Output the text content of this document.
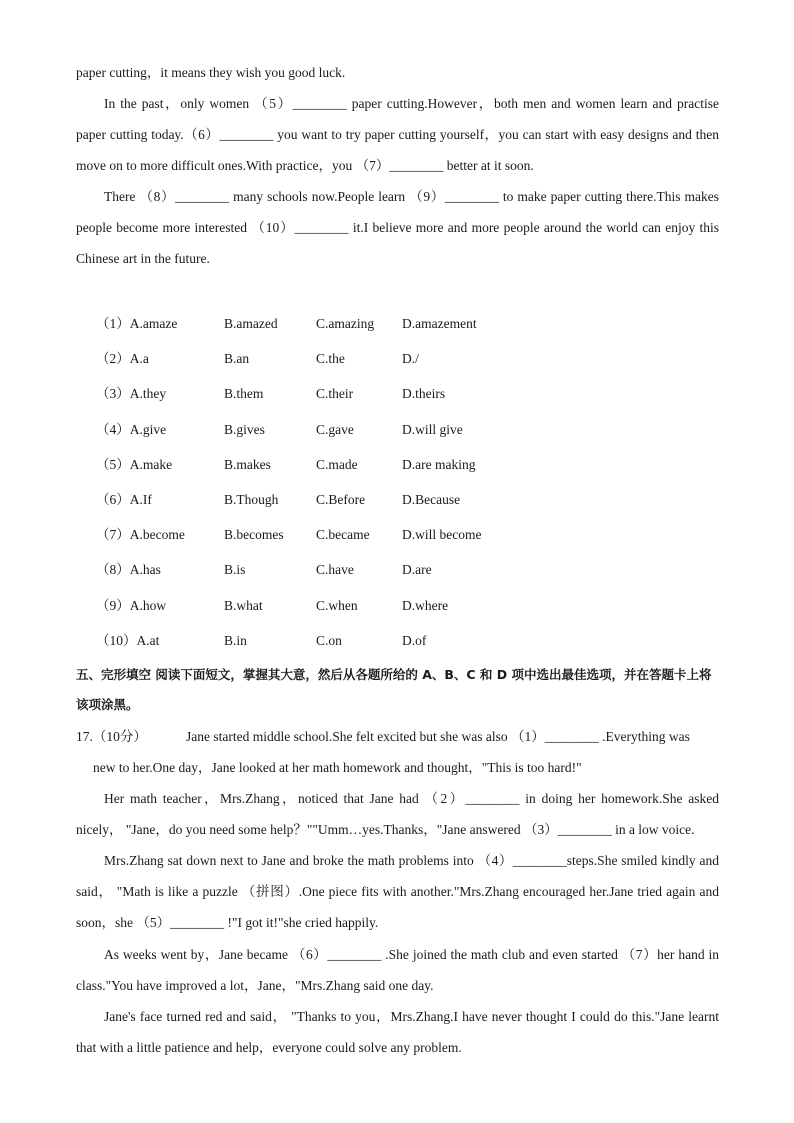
paper cutting，it means they wish you good luck.
In the past，only women （5）________ paper cutting.However，both men and women learn and practise paper cutting today.（6）________ you want to try paper cutting yourself，you can start with easy designs and then move on to more difficult ones.With practice，you （7）________ better at it soon.
There （8）________ many schools now.People learn （9）________ to make paper cutting there.This makes people become more interested （10）________ it.I believe more and more people around the world can enjoy this Chinese art in the future.
（1）A.amaze	B.amazed	C.amazing D.amazement
（2）A.a	B.an	C.the	D./
（3）A.they	B.them	C.their	D.theirs
（4）A.give	B.gives	C.gave	D.will give
（5）A.make	B.makes	C.made	D.are making
（6）A.If	B.Though	C.Before	D.Because
（7）A.become	B.becomes C.became D.will become
（8）A.has	B.is	C.have	D.are
（9）A.how	B.what	C.when	D.where
（10）A.at	B.in	C.on	D.of
五、完形填空 阅读下面短文，掌握其大意，然后从各题所给的 A、B、C 和 D 项中选出最佳选项，并在答题卡上将该项涂黑。
17.（10分）	Jane started middle school.She felt excited but she was also （1）________ .Everything was
new to her.One day，Jane looked at her math homework and thought，"This is too hard!"
Her math teacher，Mrs.Zhang，noticed that Jane had （2）________ in doing her homework.She asked nicely， "Jane，do you need some help？""Umm…yes.Thanks，"Jane answered （3）________ in a low voice.
Mrs.Zhang sat down next to Jane and broke the math problems into （4）________steps.She smiled kindly and said， "Math is like a puzzle （拼图）.One piece fits with another."Mrs.Zhang encouraged her.Jane tried again and soon，she （5）________ !"I got it!"she cried happily.
As weeks went by，Jane became （6）________ .She joined the math club and even started （7）her hand in class."You have improved a lot，Jane，"Mrs.Zhang said one day.
Jane's face turned red and said， "Thanks to you，Mrs.Zhang.I have never thought I could do this."Jane learnt that with a little patience and help，everyone could solve any problem.
